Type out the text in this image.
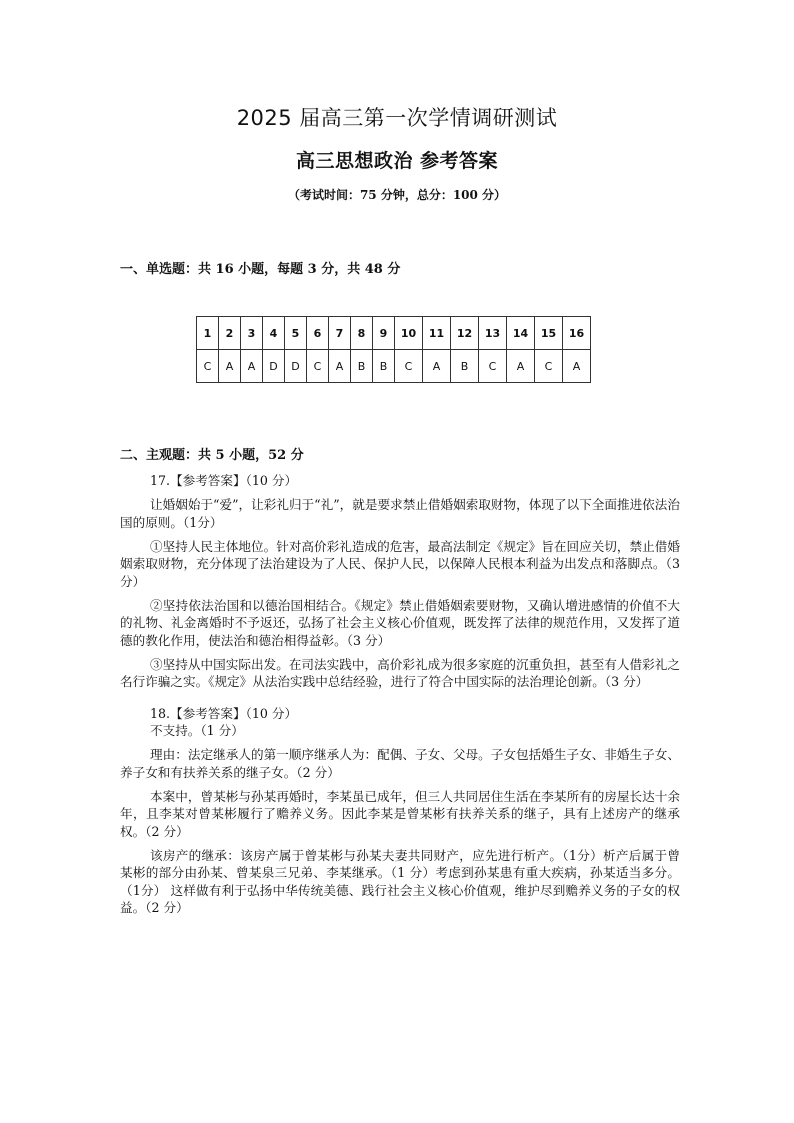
2025 届高三第一次学情调研测试
高三思想政治 参考答案
（考试时间：75 分钟，总分：100 分）
一、单选题：共 16 小题，每题 3 分，共 48 分
1	2	3	4	5	6	7	8	9	10	11	12	13	14	15	16
C	A	A	D	D	C	A	B	B	C	A	B	C	A	C	A
二、主观题：共 5 小题，52 分

17.【参考答案】（10 分）

让婚姻始于“爱”，让彩礼归于“礼”，就是要求禁止借婚姻索取财物，体现了以下全面推进依法治国的原则。（1分）

①坚持人民主体地位。针对高价彩礼造成的危害，最高法制定《规定》旨在回应关切，禁止借婚姻索取财物，充分体现了法治建设为了人民、保护人民，以保障人民根本利益为出发点和落脚点。（3 分）

②坚持依法治国和以德治国相结合。《规定》禁止借婚姻索要财物，又确认增进感情的价值不大的礼物、礼金离婚时不予返还，弘扬了社会主义核心价值观，既发挥了法律的规范作用，又发挥了道德的教化作用，使法治和德治相得益彰。（3 分）

③坚持从中国实际出发。在司法实践中，高价彩礼成为很多家庭的沉重负担，甚至有人借彩礼之名行诈骗之实。《规定》从法治实践中总结经验，进行了符合中国实际的法治理论创新。（3 分）

18.【参考答案】（10 分）

不支持。（1 分）

理由：法定继承人的第一顺序继承人为：配偶、子女、父母。子女包括婚生子女、非婚生子女、养子女和有扶养关系的继子女。（2 分）

本案中，曾某彬与孙某再婚时，李某虽已成年，但三人共同居住生活在李某所有的房屋长达十余年，且李某对曾某彬履行了赡养义务。因此李某是曾某彬有扶养关系的继子，具有上述房产的继承权。（2 分）

该房产的继承：该房产属于曾某彬与孙某夫妻共同财产，应先进行析产。（1分）析产后属于曾某彬的部分由孙某、曾某泉三兄弟、李某继承。（1 分）考虑到孙某患有重大疾病，孙某适当多分。（1分） 这样做有利于弘扬中华传统美德、践行社会主义核心价值观，维护尽到赡养义务的子女的权益。（2 分）
